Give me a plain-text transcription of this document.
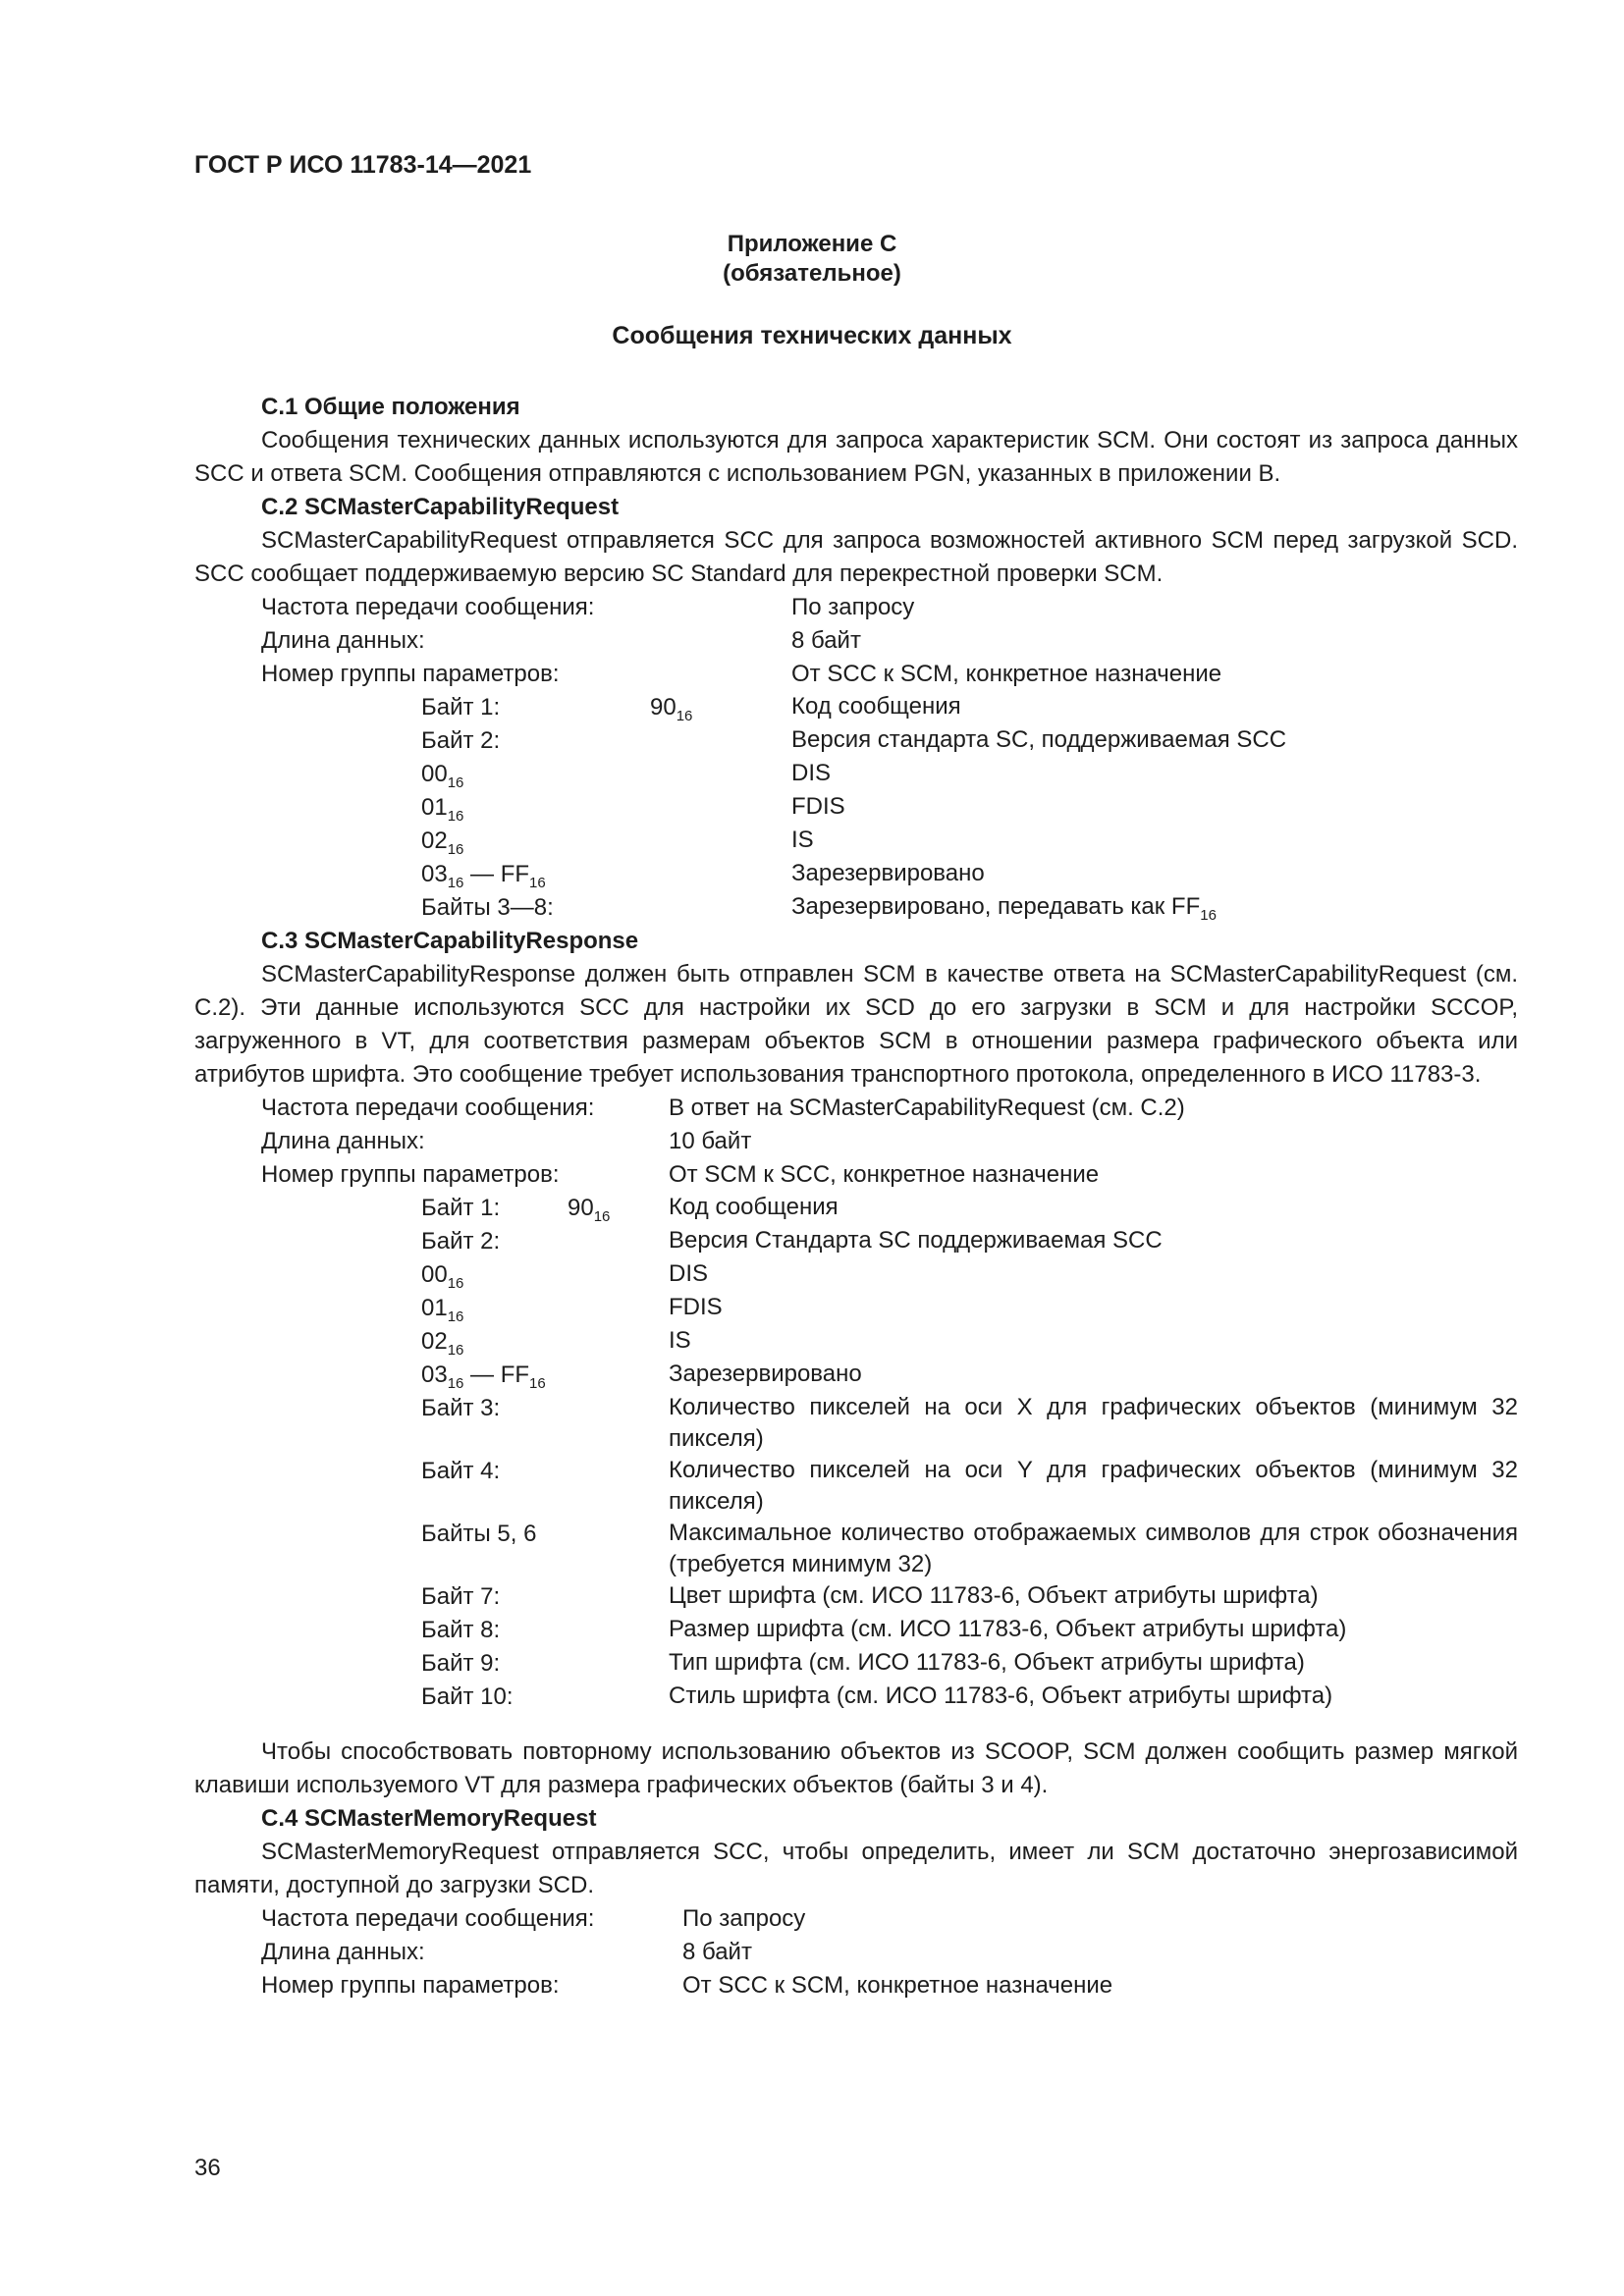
ГОСТ Р ИСО 11783-14—2021
Приложение C
(обязательное)
Сообщения технических данных
C.1 Общие положения

Сообщения технических данных используются для запроса характеристик SCM. Они состоят из запроса данных SCC и ответа SCM. Сообщения отправляются с использованием PGN, указанных в приложении B.

C.2 SCMasterCapabilityRequest

SCMasterCapabilityRequest отправляется SCC для запроса возможностей активного SCM перед загрузкой SCD. SCC сообщает поддерживаемую версию SC Standard для перекрестной проверки SCM.

Частота передачи сообщения:	По запросу
Длина данных:	8 байт
Номер группы параметров:	От SCC к SCM, конкретное назначение
Байт 1:	$90_{16}$	Код сообщения
Байт 2:	Версия стандарта SC, поддерживаемая SCC
$00_{16}$	DIS
$01_{16}$	FDIS
$02_{16}$	IS
$03_{16}$ — $FF_{16}$	Зарезервировано
Байты 3—8:	Зарезервировано, передавать как $FF_{16}$
C.3 SCMasterCapabilityResponse

SCMasterCapabilityResponse должен быть отправлен SCM в качестве ответа на SCMasterCapabilityRequest (см. C.2). Эти данные используются SCC для настройки их SCD до его загрузки в SCM и для настройки SCCOP, загруженного в VT, для соответствия размерам объектов SCM в отношении размера графического объекта или атрибутов шрифта. Это сообщение требует использования транспортного протокола, определенного в ИСО 11783-3.

Частота передачи сообщения:	В ответ на SCMasterCapabilityRequest (см. C.2)
Длина данных:	10 байт
Номер группы параметров:	От SCM к SCC, конкретное назначение
Байт 1:	$90_{16}$	Код сообщения
Байт 2:	Версия Стандарта SC поддерживаемая SCC
$00_{16}$	DIS
$01_{16}$	FDIS
$02_{16}$	IS
$03_{16}$ — $FF_{16}$	Зарезервировано
Байт 3:	Количество пикселей на оси X для графических объектов (минимум 32 пикселя)
Байт 4:	Количество пикселей на оси Y для графических объектов (минимум 32 пикселя)
Байты 5, 6	Максимальное количество отображаемых символов для строк обозначения (требуется минимум 32)
Байт 7:	Цвет шрифта (см. ИСО 11783-6, Объект атрибуты шрифта)
Байт 8:	Размер шрифта (см. ИСО 11783-6, Объект атрибуты шрифта)
Байт 9:	Тип шрифта (см. ИСО 11783-6, Объект атрибуты шрифта)
Байт 10:	Стиль шрифта (см. ИСО 11783-6, Объект атрибуты шрифта)

Чтобы способствовать повторному использованию объектов из SCOOP, SCM должен сообщить размер мягкой клавиши используемого VT для размера графических объектов (байты 3 и 4).

C.4 SCMasterMemoryRequest

SCMasterMemoryRequest отправляется SCC, чтобы определить, имеет ли SCM достаточно энергозависимой памяти, доступной до загрузки SCD.

Частота передачи сообщения:	По запросу
Длина данных:	8 байт
Номер группы параметров:	От SCC к SCM, конкретное назначение
36
